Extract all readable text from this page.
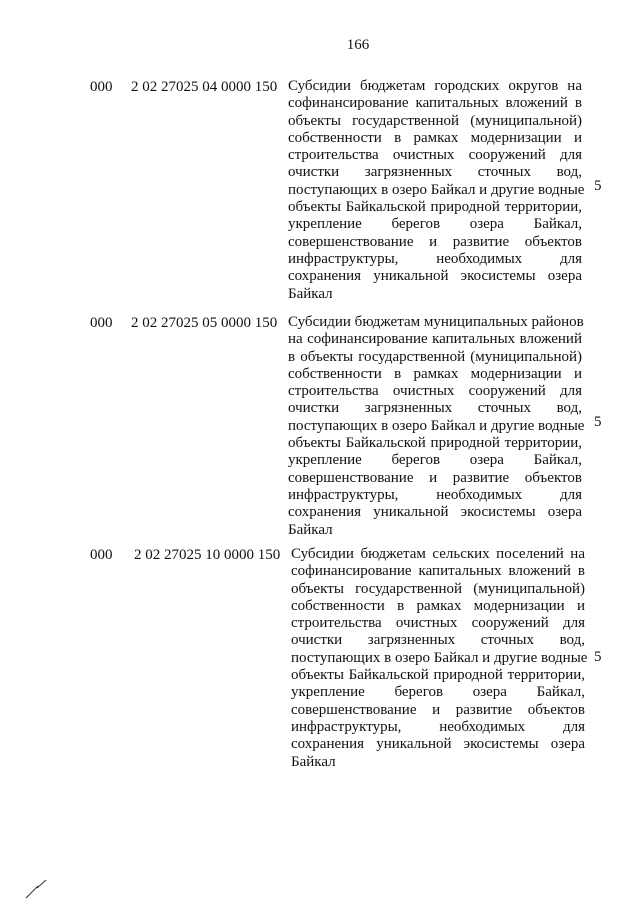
166
000 2 02 27025 04 0000 150 Субсидии бюджетам городских округов на
софинансирование капитальных вложений в
объекты государственной (муниципальной)
собственности в рамках модернизации и
строительства очистных сооружений для
очистки загрязненных сточных вод,
поступающих в озеро Байкал и другие водные
объекты Байкальской природной территории,
укрепление берегов озера Байкал,
совершенствование и развитие объектов
инфраструктуры, необходимых для
сохранения уникальной экосистемы озера
Байкал
5
000 2 02 27025 05 0000 150 Субсидии бюджетам муниципальных районов
на софинансирование капитальных вложений
в объекты государственной (муниципальной)
собственности в рамках модернизации и
строительства очистных сооружений для
очистки загрязненных сточных вод,
поступающих в озеро Байкал и другие водные
объекты Байкальской природной территории,
укрепление берегов озера Байкал,
совершенствование и развитие объектов
инфраструктуры, необходимых для
сохранения уникальной экосистемы озера
Байкал
5
000 2 02 27025 10 0000 150 Субсидии бюджетам сельских поселений на
софинансирование капитальных вложений в
объекты государственной (муниципальной)
собственности в рамках модернизации и
строительства очистных сооружений для
очистки загрязненных сточных вод,
поступающих в озеро Байкал и другие водные
объекты Байкальской природной территории,
укрепление берегов озера Байкал,
совершенствование и развитие объектов
инфраструктуры, необходимых для
сохранения уникальной экосистемы озера
Байкал
5
